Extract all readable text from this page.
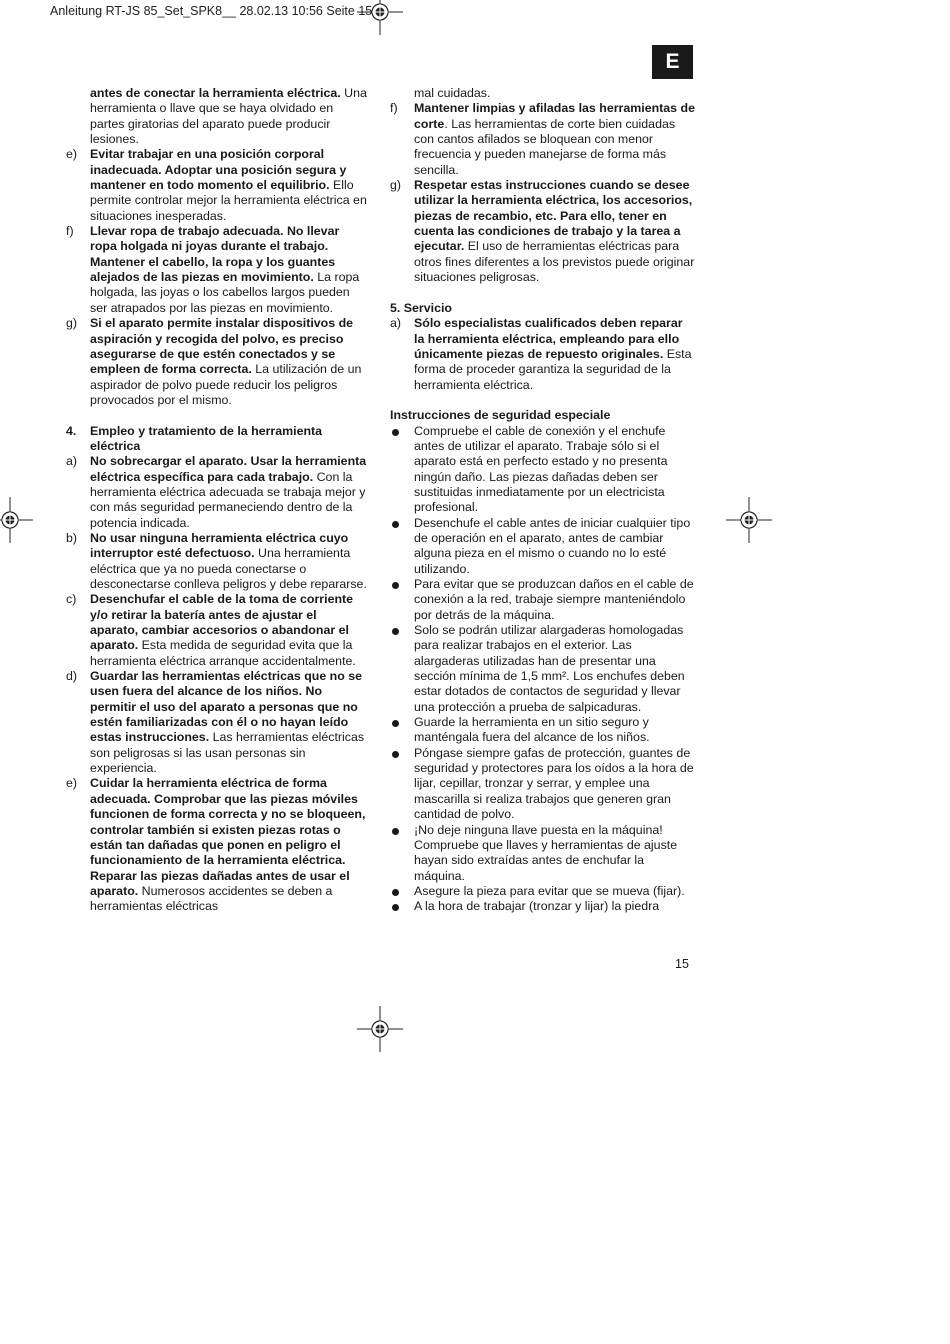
Anleitung RT-JS 85_Set_SPK8__ 28.02.13 10:56 Seite 15
E
antes de conectar la herramienta eléctrica. Una herramienta o llave que se haya olvidado en partes giratorias del aparato puede producir lesiones.
e)	Evitar trabajar en una posición corporal inadecuada. Adoptar una posición segura y mantener en todo momento el equilibrio. Ello permite controlar mejor la herramienta eléctrica en situaciones inesperadas.
f)	Llevar ropa de trabajo adecuada. No llevar ropa holgada ni joyas durante el trabajo. Mantener el cabello, la ropa y los guantes alejados de las piezas en movimiento. La ropa holgada, las joyas o los cabellos largos pueden ser atrapados por las piezas en movimiento.
g)	Si el aparato permite instalar dispositivos de aspiración y recogida del polvo, es preciso asegurarse de que estén conectados y se empleen de forma correcta. La utilización de un aspirador de polvo puede reducir los peligros provocados por el mismo.
4.	Empleo y tratamiento de la herramienta eléctrica
a)	No sobrecargar el aparato. Usar la herramienta eléctrica específica para cada trabajo. Con la herramienta eléctrica adecuada se trabaja mejor y con más seguridad permaneciendo dentro de la potencia indicada.
b)	No usar ninguna herramienta eléctrica cuyo interruptor esté defectuoso. Una herramienta eléctrica que ya no pueda conectarse o desconectarse conlleva peligros y debe repararse.
c)	Desenchufar el cable de la toma de corriente y/o retirar la batería antes de ajustar el aparato, cambiar accesorios o abandonar el aparato. Esta medida de seguridad evita que la herramienta eléctrica arranque accidentalmente.
d)	Guardar las herramientas eléctricas que no se usen fuera del alcance de los niños. No permitir el uso del aparato a personas que no estén familiarizadas con él o no hayan leído estas instrucciones. Las herramientas eléctricas son peligrosas si las usan personas sin experiencia.
e)	Cuidar la herramienta eléctrica de forma adecuada. Comprobar que las piezas móviles funcionen de forma correcta y no se bloqueen, controlar también si existen piezas rotas o están tan dañadas que ponen en peligro el funcionamiento de la herramienta eléctrica. Reparar las piezas dañadas antes de usar el aparato. Numerosos accidentes se deben a herramientas eléctricas
mal cuidadas.
f)	Mantener limpias y afiladas las herramientas de corte. Las herramientas de corte bien cuidadas con cantos afilados se bloquean con menor frecuencia y pueden manejarse de forma más sencilla.
g)	Respetar estas instrucciones cuando se desee utilizar la herramienta eléctrica, los accesorios, piezas de recambio, etc. Para ello, tener en cuenta las condiciones de trabajo y la tarea a ejecutar. El uso de herramientas eléctricas para otros fines diferentes a los previstos puede originar situaciones peligrosas.
5. Servicio
a)	Sólo especialistas cualificados deben reparar la herramienta eléctrica, empleando para ello únicamente piezas de repuesto originales. Esta forma de proceder garantiza la seguridad de la herramienta eléctrica.
Instrucciones de seguridad especiale
Compruebe el cable de conexión y el enchufe antes de utilizar el aparato. Trabaje sólo si el aparato está en perfecto estado y no presenta ningún daño. Las piezas dañadas deben ser sustituidas inmediatamente por un electricista profesional.
Desenchufe el cable antes de iniciar cualquier tipo de operación en el aparato, antes de cambiar alguna pieza en el mismo o cuando no lo esté utilizando.
Para evitar que se produzcan daños en el cable de conexión a la red, trabaje siempre manteniéndolo por detrás de la máquina.
Solo se podrán utilizar alargaderas homologadas para realizar trabajos en el exterior. Las alargaderas utilizadas han de presentar una sección mínima de 1,5 mm². Los enchufes deben estar dotados de contactos de seguridad y llevar una protección a prueba de salpicaduras.
Guarde la herramienta en un sitio seguro y manténgala fuera del alcance de los niños.
Póngase siempre gafas de protección, guantes de seguridad y protectores para los oídos a la hora de lijar, cepillar, tronzar y serrar, y emplee una mascarilla si realiza trabajos que generen gran cantidad de polvo.
¡No deje ninguna llave puesta en la máquina! Compruebe que llaves y herramientas de ajuste hayan sido extraídas antes de enchufar la máquina.
Asegure la pieza para evitar que se mueva (fijar).
A la hora de trabajar (tronzar y lijar) la piedra
15
